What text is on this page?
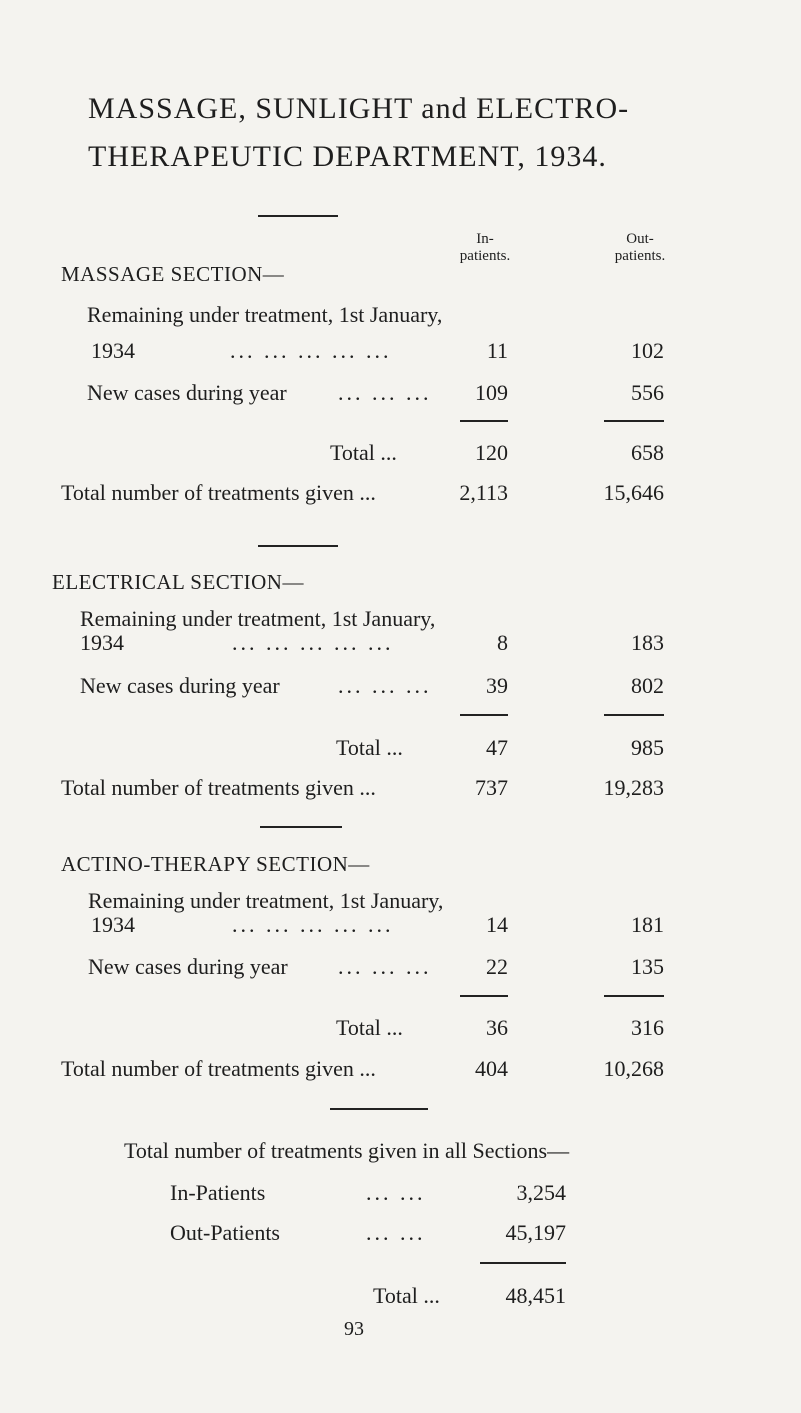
MASSAGE, SUNLIGHT and ELECTRO-
THERAPEUTIC DEPARTMENT, 1934.
In-
patients.
Out-
patients.
MASSAGE SECTION—
Remaining under treatment, 1st January,
1934	... ... ... ... ...	11	102
New cases during year ... ... ...	109	556
Total ...	120	658
Total number of treatments given ...	2,113	15,646
ELECTRICAL SECTION—
Remaining under treatment, 1st January,
1934	... ... ... ... ...	8	183
New cases during year	... ... ...	39	802
Total ...	47	985
Total number of treatments given ...	737	19,283
ACTINO-THERAPY SECTION—
Remaining under treatment, 1st January,
1934	... ... ... ... ...	14	181
New cases during year ... ... ...	22	135
Total ...	36	316
Total number of treatments given ...	404	10,268
Total number of treatments given in all Sections—
In-Patients	... ...	3,254
Out-Patients	... ...	45,197
Total ...	48,451
93
